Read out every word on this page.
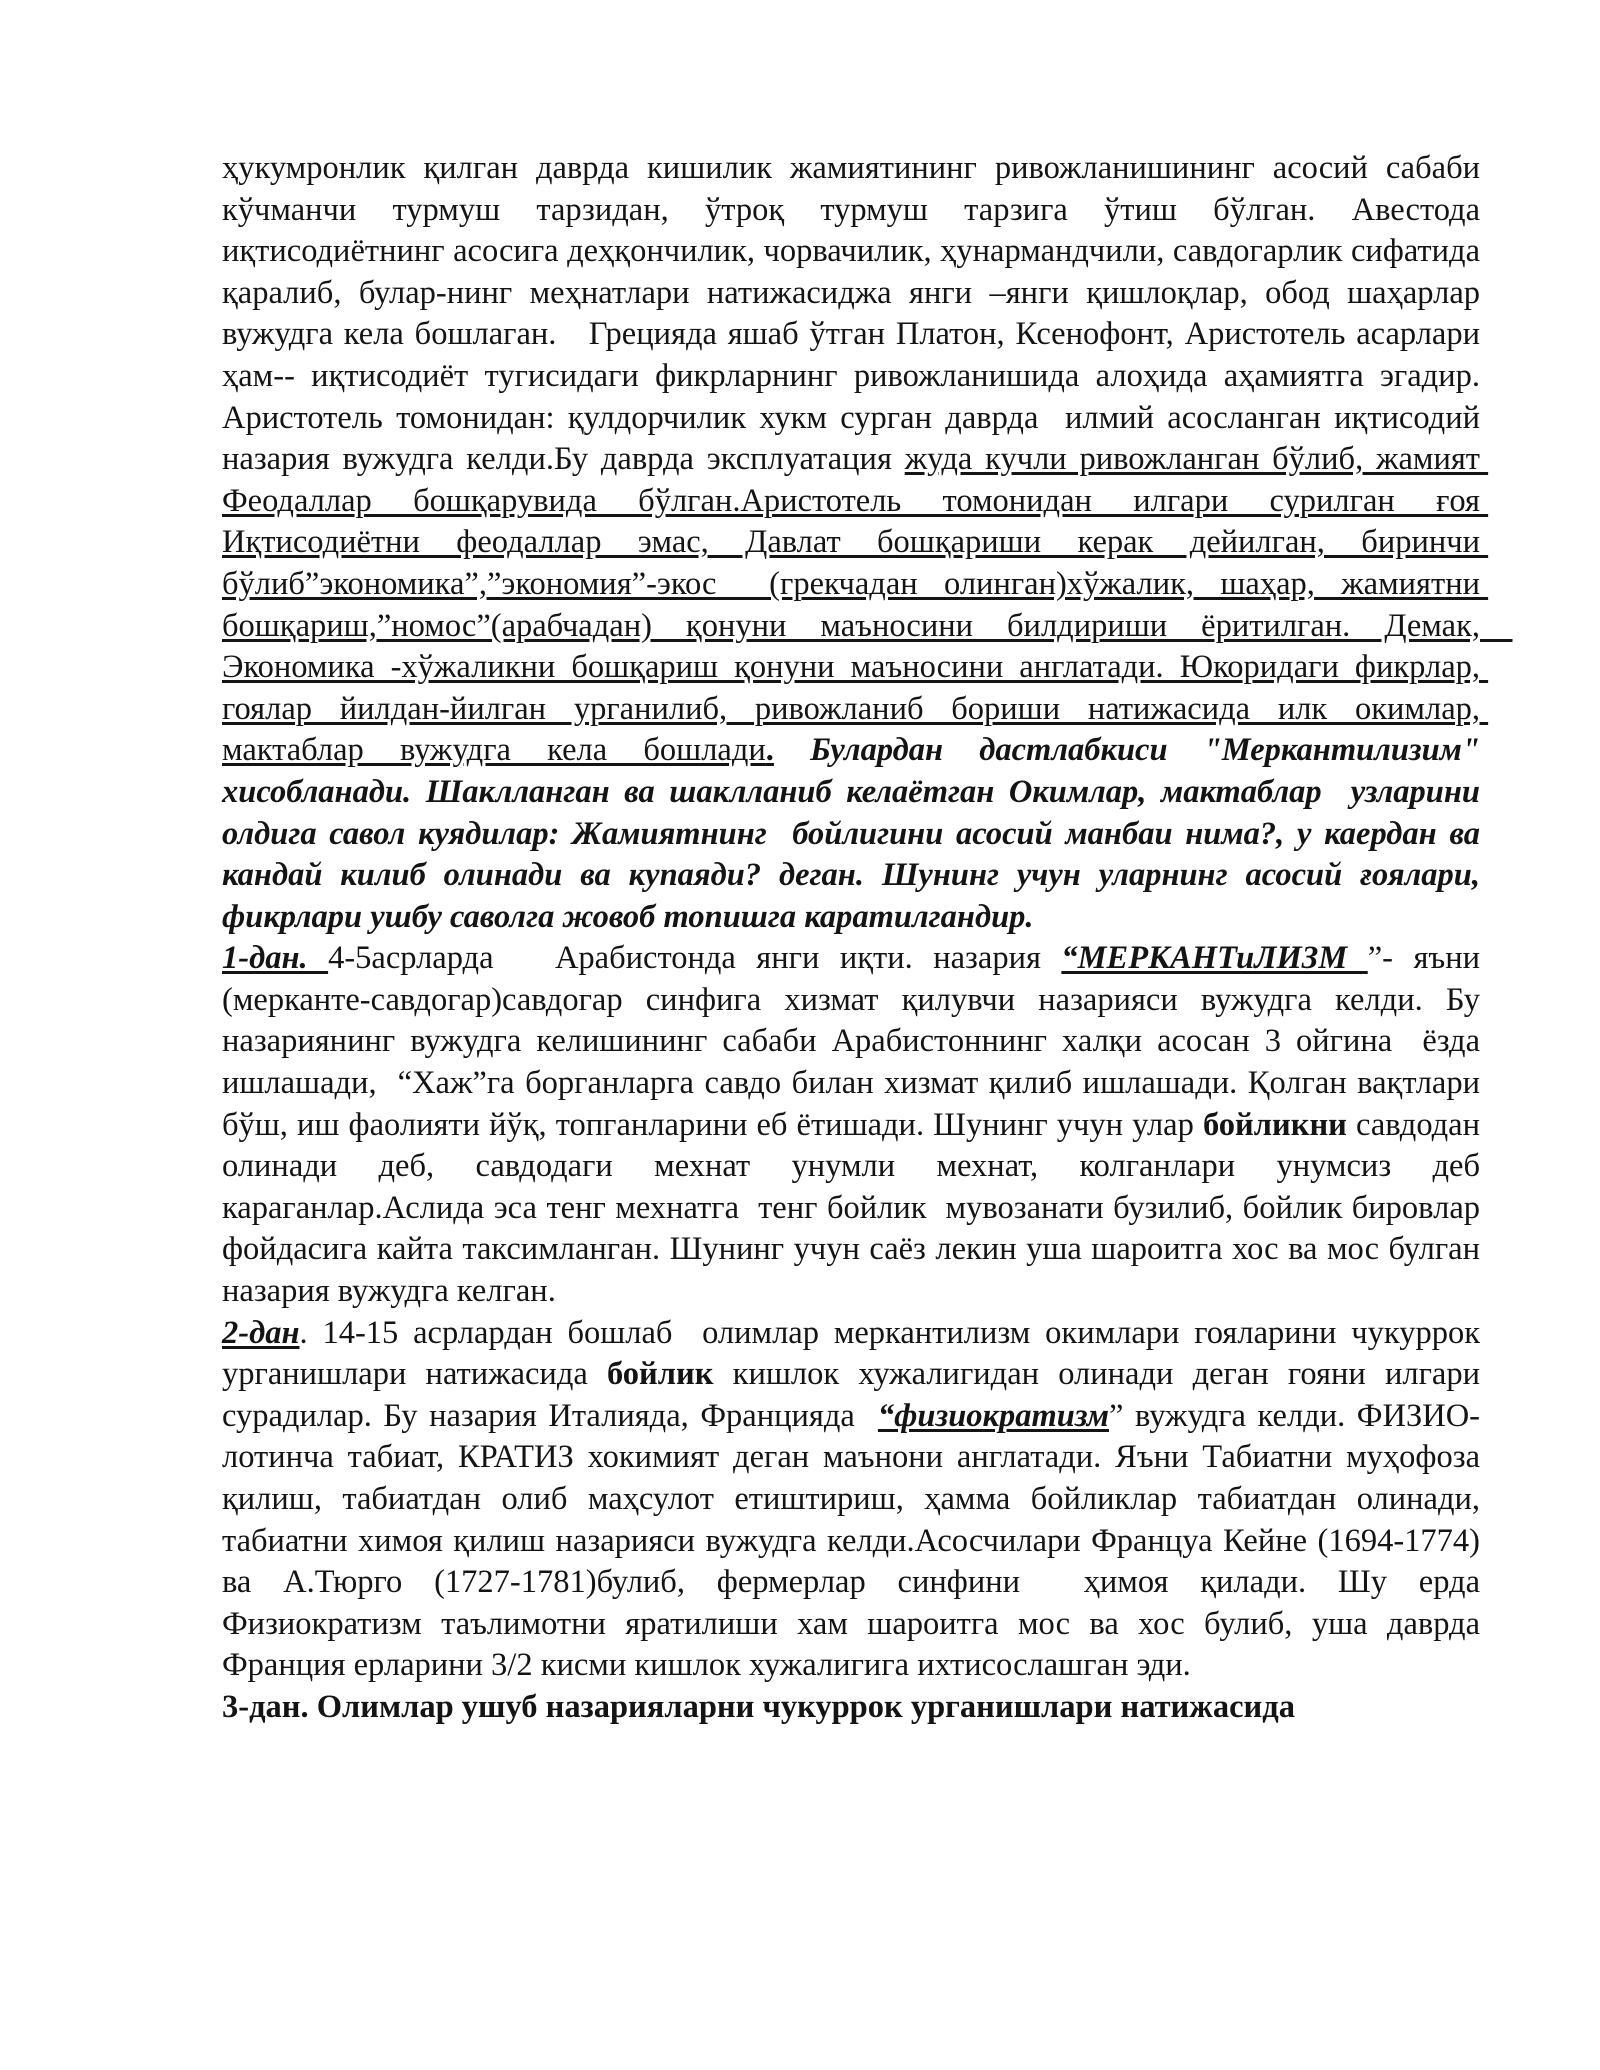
ҳукумронлик қилган даврда кишилик жамиятининг ривожланишининг асосий сабаби кўчманчи турмуш тарзидан, ўтроқ турмуш тарзига ўтиш бўлган. Авестода иқтисодиётнинг асосига деҳқончилик, чорвачилик, ҳунармандчили, савдогарлик сифатида қаралиб, булар-нинг меҳнатлари натижасиджа янги –янги қишлоқлар, обод шаҳарлар вужудга кела бошлаган.   Грецияда яшаб ўтган Платон, Ксенофонт, Аристотель асарлари ҳам-- иқтисодиёт тугисидаги фикрларнинг ривожланишида алоҳида аҳамиятга эгадир. Аристотель томонидан: қулдорчилик хукм сурган даврда  илмий асосланган иқтисодий назария вужудга келди.Бу даврда эксплуатация жуда кучли ривожланган бўлиб, жамият Феодаллар бошқарувида бўлган.Аристотель томонидан илгари сурилган ғоя Иқтисодиётни феодаллар эмас, Давлат бошқариши керак дейилган, биринчи бўлиб”экономика”,”экономия”-экос  (грекчадан олинган)хўжалик, шаҳар, жамиятни бошқариш,”номос”(арабчадан) қонуни маъносини билдириши ёритилган. Демак,    Экономика -хўжаликни бошқариш қонуни маъносини англатади. Юкоридаги фикрлар, гоялар йилдан-йилган урганилиб, ривожланиб бориши натижасида илк окимлар, мактаблар вужудга кела бошлади. Булардан дастлабкиси "Меркантилизим" хисобланади. Шаклланган ва шаклланиб келаётган Окимлар, мактаблар  узларини олдига савол куядилар: Жамиятнинг  бойлигини асосий манбаи нима?, у каердан ва кандай килиб олинади ва купаяди? деган. Шунинг учун уларнинг асосий ғоялари, фикрлари ушбу саволга жовоб топишга каратилгандир.

1-дан. 4-5асрларда   Арабистонда янги иқти. назария “МЕРКАНТиЛИЗМ ”- яъни (мерканте-савдогар)савдогар синфига хизмат қилувчи назарияси вужудга келди. Бу назариянинг вужудга келишининг сабаби Арабистоннинг халқи асосан 3 ойгина  ёзда ишлашади,  “Хаж”га борганларга савдо билан хизмат қилиб ишлашади. Қолган вақтлари бўш, иш фаолияти йўқ, топганларини еб ётишади. Шунинг учун улар бойликни савдодан олинади деб, савдодаги мехнат унумли мехнат, колганлари унумсиз деб караганлар.Аслида эса тенг мехнатга  тенг бойлик  мувозанати бузилиб, бойлик бировлар фойдасига кайта таксимланган. Шунинг учун саёз лекин уша шароитга хос ва мос булган назария вужудга келган.

2-дан. 14-15 асрлардан бошлаб  олимлар меркантилизм окимлари гояларини чукуррок урганишлари натижасида бойлик кишлок хужалигидан олинади деган гояни илгари сурадилар. Бу назария Италияда, Францияда  “физиократизм” вужудга келди. ФИЗИО-лотинча табиат, КРАТИЗ хокимият деган маънони англатади. Яъни Табиатни муҳофоза қилиш, табиатдан олиб маҳсулот етиштириш, ҳамма бойликлар табиатдан олинади, табиатни химоя қилиш назарияси вужудга келди.Асосчилари Француа Кейне (1694-1774) ва А.Тюрго (1727-1781)булиб, фермерлар синфини  ҳимоя қилади. Шу ерда  Физиократизм таълимотни яратилиши хам шароитга мос ва хос булиб, уша даврда Франция ерларини 3/2 кисми кишлок хужалигига ихтисослашган эди.

3-дан. Олимлар ушуб назарияларни чукуррок урганишлари натижасида
